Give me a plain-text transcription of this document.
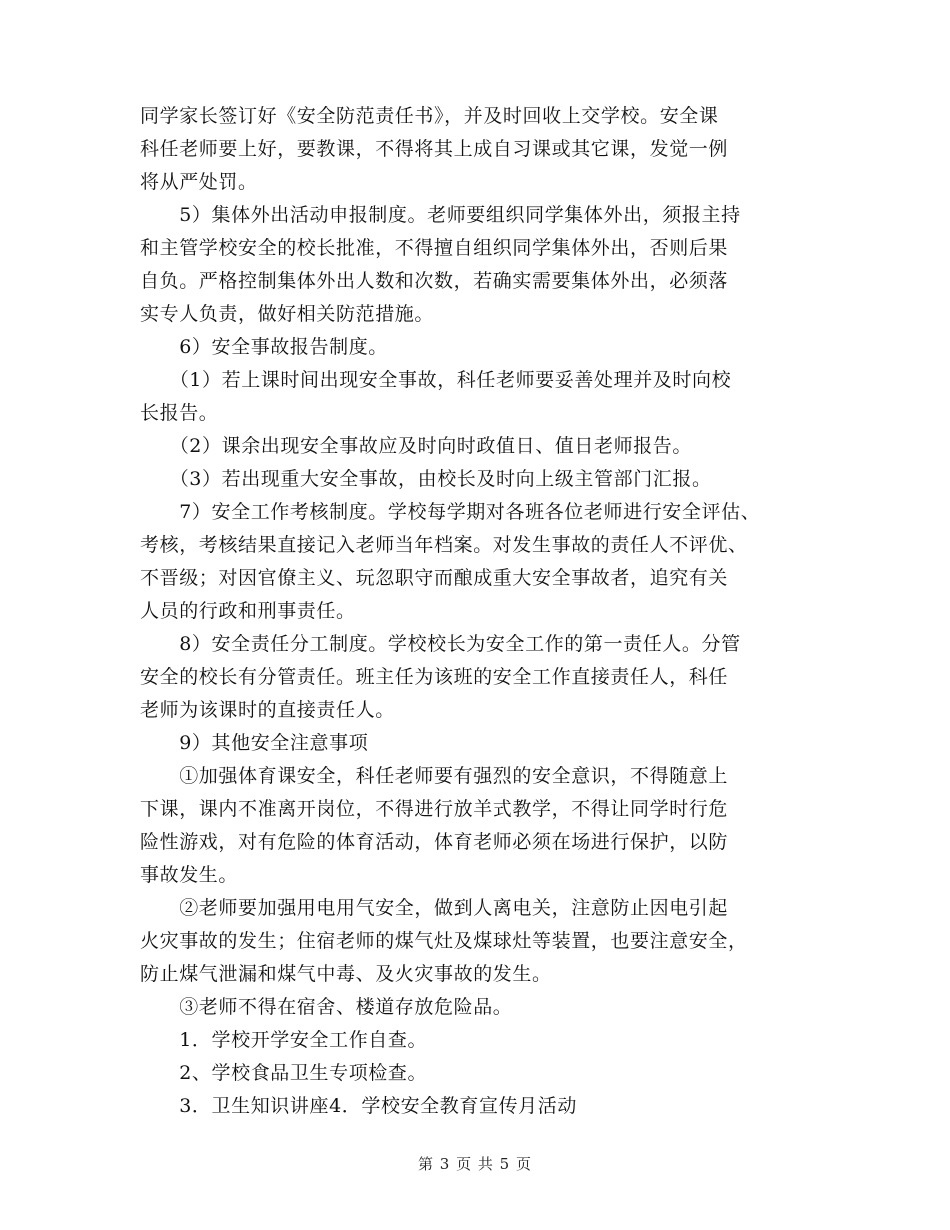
同学家长签订好《安全防范责任书》，并及时回收上交学校。安全课
科任老师要上好，要教课，不得将其上成自习课或其它课，发觉一例
将从严处罚。
　　5）集体外出活动申报制度。老师要组织同学集体外出，须报主持
和主管学校安全的校长批准，不得擅自组织同学集体外出，否则后果
自负。严格控制集体外出人数和次数，若确实需要集体外出，必须落
实专人负责，做好相关防范措施。
　　6）安全事故报告制度。
　　（1）若上课时间出现安全事故，科任老师要妥善处理并及时向校
长报告。
　　（2）课余出现安全事故应及时向时政值日、值日老师报告。
　　（3）若出现重大安全事故，由校长及时向上级主管部门汇报。
　　7）安全工作考核制度。学校每学期对各班各位老师进行安全评估、
考核，考核结果直接记入老师当年档案。对发生事故的责任人不评优、
不晋级；对因官僚主义、玩忽职守而酿成重大安全事故者，追究有关
人员的行政和刑事责任。
　　8）安全责任分工制度。学校校长为安全工作的第一责任人。分管
安全的校长有分管责任。班主任为该班的安全工作直接责任人，科任
老师为该课时的直接责任人。
　　9）其他安全注意事项
　　①加强体育课安全，科任老师要有强烈的安全意识，不得随意上
下课，课内不准离开岗位，不得进行放羊式教学，不得让同学时行危
险性游戏，对有危险的体育活动，体育老师必须在场进行保护，以防
事故发生。
　　②老师要加强用电用气安全，做到人离电关，注意防止因电引起
火灾事故的发生；住宿老师的煤气灶及煤球灶等装置，也要注意安全，
防止煤气泄漏和煤气中毒、及火灾事故的发生。
　　③老师不得在宿舍、楼道存放危险品。
　　1．学校开学安全工作自查。
　　2、学校食品卫生专项检查。
　　3．卫生知识讲座4．学校安全教育宣传月活动
第 3 页 共 5 页
